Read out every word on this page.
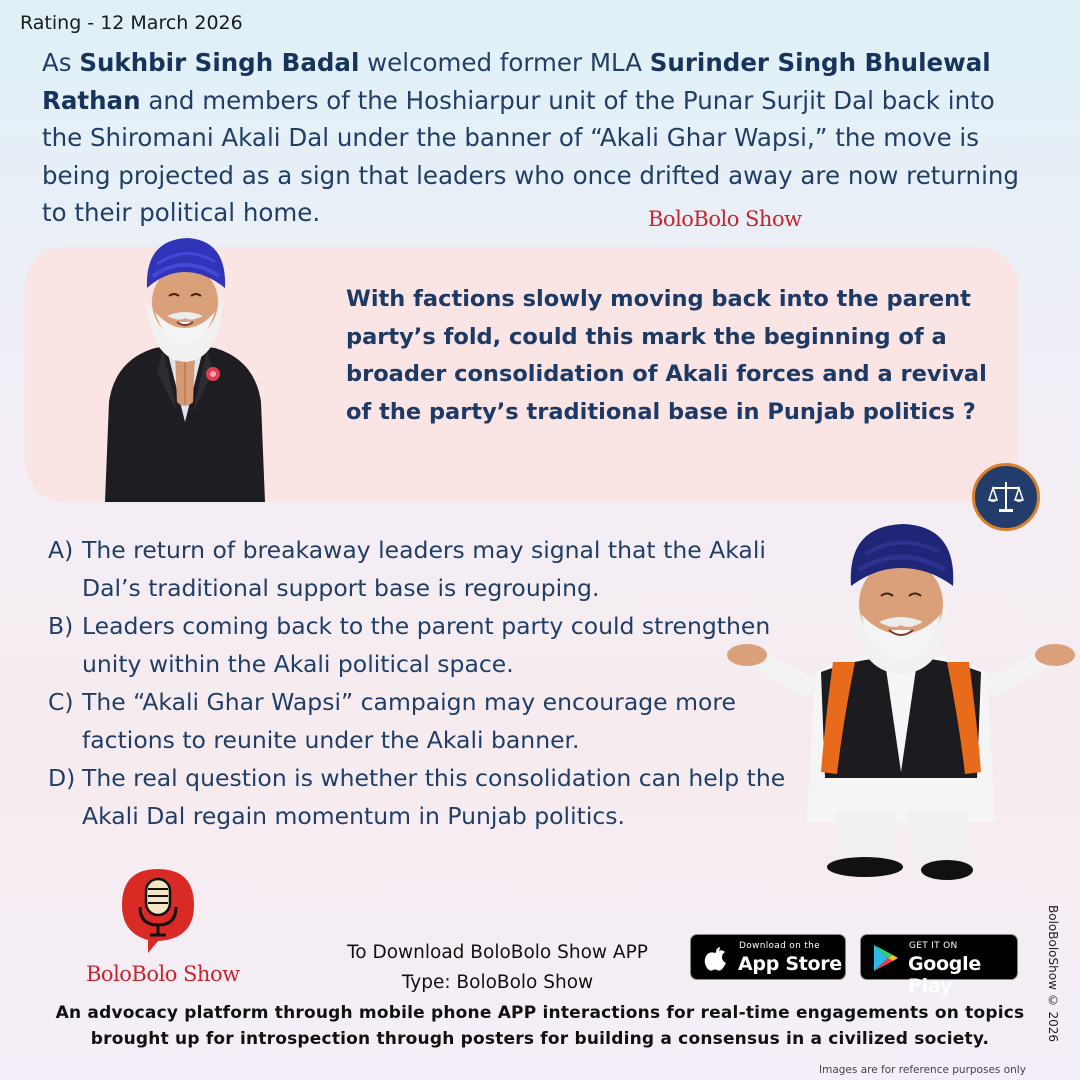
Rating - 12 March 2026
As Sukhbir Singh Badal welcomed former MLA Surinder Singh Bhulewal Rathan and members of the Hoshiarpur unit of the Punar Surjit Dal back into the Shiromani Akali Dal under the banner of “Akali Ghar Wapsi,” the move is being projected as a sign that leaders who once drifted away are now returning to their political home.	BoloBolo Show
With factions slowly moving back into the parent party’s fold, could this mark the beginning of a broader consolidation of Akali forces and a revival of the party’s traditional base in Punjab politics ?
A) The return of breakaway leaders may signal that the Akali Dal’s traditional support base is regrouping.
B) Leaders coming back to the parent party could strengthen unity within the Akali political space.
C) The “Akali Ghar Wapsi” campaign may encourage more factions to reunite under the Akali banner.
D) The real question is whether this consolidation can help the Akali Dal regain momentum in Punjab politics.
BoloBolo Show
To Download BoloBolo Show APP
Type: BoloBolo Show
Download on the
App Store
GET IT ON
Google Play
An advocacy platform through mobile phone APP interactions for real-time engagements on topics
brought up for introspection through posters for building a consensus in a civilized society.	BoloBoloShow © 2026
Images are for reference purposes only
